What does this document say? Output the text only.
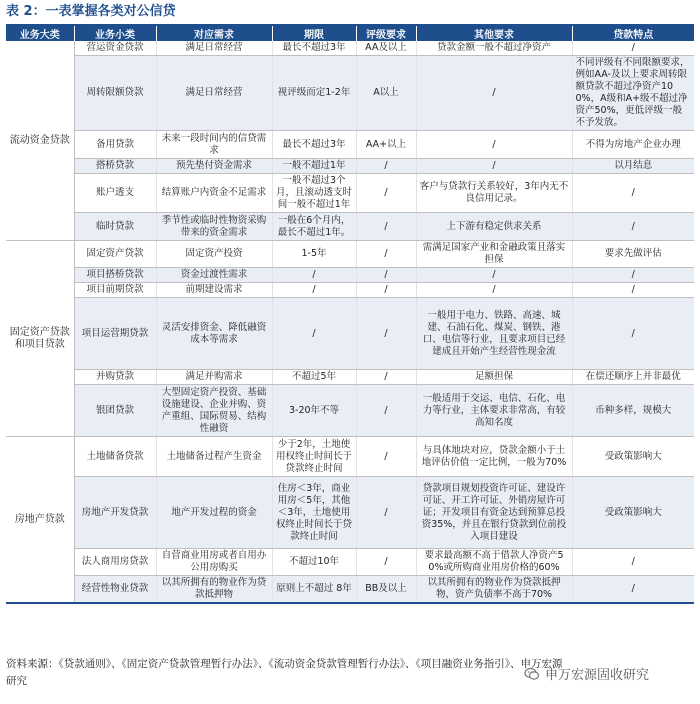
表 2：一表掌握各类对公信贷
业务大类	业务小类	对应需求	期限	评级要求	其他要求	贷款特点
流动资金贷款	营运资金贷款	满足日常经营	最长不超过3年	AA及以上	贷款金额一般不超过净资产	/
	周转限额贷款	满足日常经营	视评级而定1-2年	A以上	/	不同评级有不同限额要求，例如AA-及以上要求周转限额贷款不超过净资产100%，A级和A+级不超过净资产50%，更低评级一般不予发放。
	备用贷款	未来一段时间内的信贷需求	最长不超过3年	AA+以上	/	不得为房地产企业办理
	搭桥贷款	预先垫付资金需求	一般不超过1年	/	/	以月结息
	账户透支	结算账户内资金不足需求	一般不超过3个月，且滚动透支时间一般不超过1年	/	客户与贷款行关系较好，3年内无不良信用记录。	/
	临时贷款	季节性或临时性物资采购带来的资金需求	一般在6个月内，最长不超过1年。	/	上下游有稳定供求关系	/
固定资产贷款和项目贷款	固定资产贷款	固定资产投资	1-5年	/	需满足国家产业和金融政策且落实担保	要求先做评估
	项目搭桥贷款	资金过渡性需求	/	/	/	/
	项目前期贷款	前期建设需求	/	/	/	/
	项目运营期贷款	灵活安排资金、降低融资成本等需求	/	/	一般用于电力、铁路、高速、城建、石油石化、煤炭、钢铁、港口、电信等行业，且要求项目已经建成且开始产生经营性现金流	/
	并购贷款	满足并购需求	不超过5年	/	足额担保	在偿还顺序上并非最优
	银团贷款	大型固定资产投资、基础设施建设、企业并购、资产重组、国际贸易、结构性融资	3-20年不等	/	一般适用于交运、电信、石化、电力等行业，主体要求非常高，有较高知名度	币种多样，规模大
房地产贷款	土地储备贷款	土地储备过程产生资金	少于2年，土地使用权终止时间长于贷款终止时间	/	与具体地块对应，贷款金额小于土地评估价值一定比例，一般为70%	受政策影响大
	房地产开发贷款	地产开发过程的资金	住房＜3年，商业用房＜5年，其他＜3年，土地使用权终止时间长于贷款终止时间	/	贷款项目规划投资许可证、建设许可证、开工许可证、外销房屋许可证；开发项目有资金达到预算总投资35%，并且在银行贷款到位前投入项目建设	受政策影响大
	法人商用房贷款	自营商业用房或者自用办公用房购买	不超过10年	/	要求最高额不高于借款人净资产50%或所购商业用房价格的60%	/
	经营性物业贷款	以其所拥有的物业作为贷款抵押物	原则上不超过 8年	BB及以上	以其所拥有的物业作为贷款抵押物，资产负债率不高于70%	/
资料来源：《贷款通则》、《固定资产贷款管理暂行办法》、《流动资金贷款管理暂行办法》、《项目融资业务指引》、申万宏源研究	申万宏源固收研究
